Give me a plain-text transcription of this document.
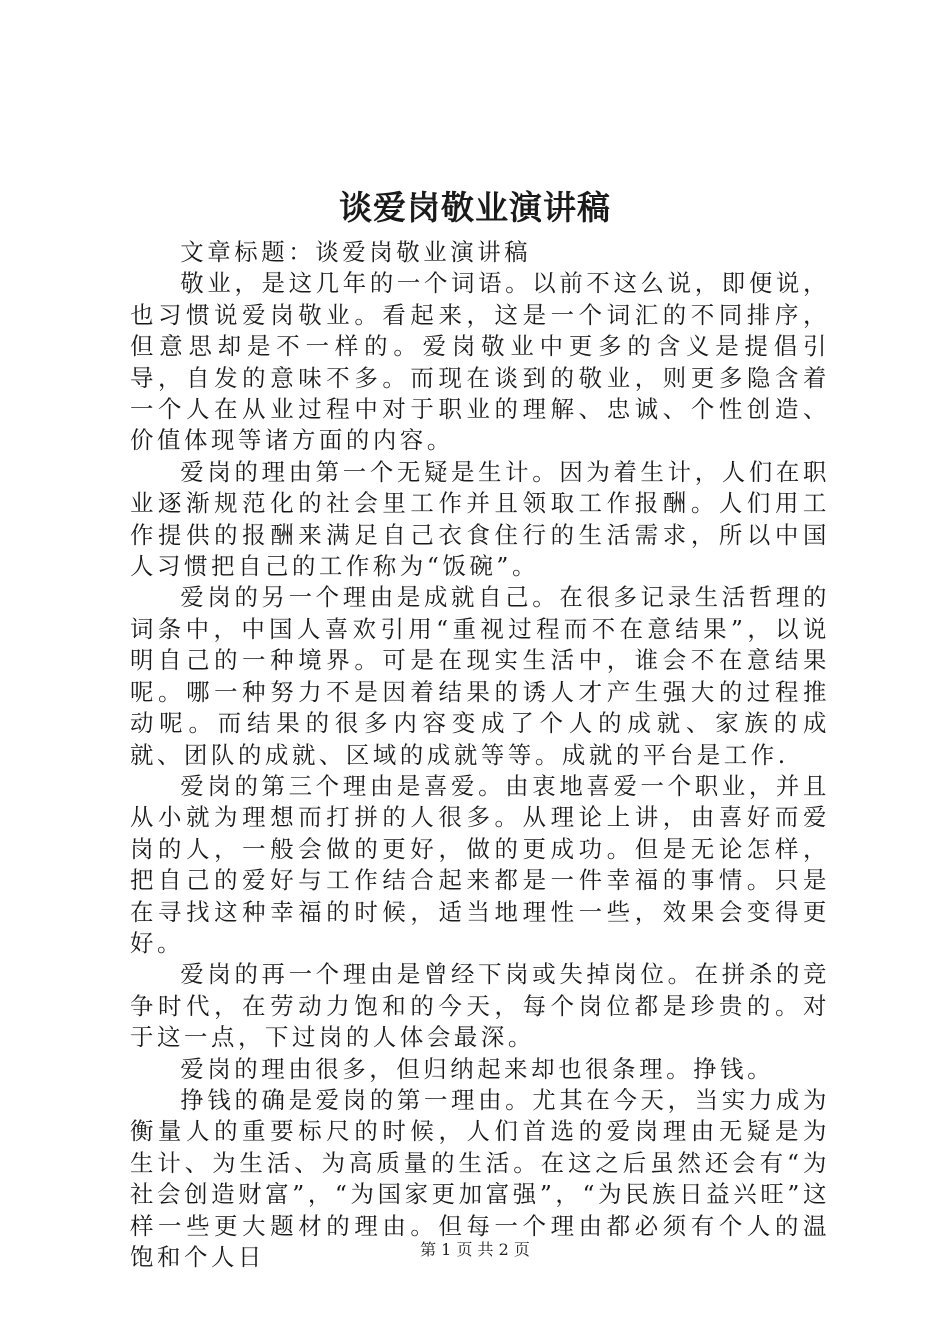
谈爱岗敬业演讲稿

文章标题：谈爱岗敬业演讲稿

敬业，是这几年的一个词语。以前不这么说，即便说，也习惯说爱岗敬业。看起来，这是一个词汇的不同排序，但意思却是不一样的。爱岗敬业中更多的含义是提倡引导，自发的意味不多。而现在谈到的敬业，则更多隐含着一个人在从业过程中对于职业的理解、忠诚、个性创造、价值体现等诸方面的内容。

爱岗的理由第一个无疑是生计。因为着生计，人们在职业逐渐规范化的社会里工作并且领取工作报酬。人们用工作提供的报酬来满足自己衣食住行的生活需求，所以中国人习惯把自己的工作称为“饭碗”。

爱岗的另一个理由是成就自己。在很多记录生活哲理的词条中，中国人喜欢引用“重视过程而不在意结果”，以说明自己的一种境界。可是在现实生活中，谁会不在意结果呢。哪一种努力不是因着结果的诱人才产生强大的过程推动呢。而结果的很多内容变成了个人的成就、家族的成就、团队的成就、区域的成就等等。成就的平台是工作.

爱岗的第三个理由是喜爱。由衷地喜爱一个职业，并且从小就为理想而打拼的人很多。从理论上讲，由喜好而爱岗的人，一般会做的更好，做的更成功。但是无论怎样，把自己的爱好与工作结合起来都是一件幸福的事情。只是在寻找这种幸福的时候，适当地理性一些，效果会变得更好。

爱岗的再一个理由是曾经下岗或失掉岗位。在拼杀的竞争时代，在劳动力饱和的今天，每个岗位都是珍贵的。对于这一点，下过岗的人体会最深。

爱岗的理由很多，但归纳起来却也很条理。挣钱。

挣钱的确是爱岗的第一理由。尤其在今天，当实力成为衡量人的重要标尺的时候，人们首选的爱岗理由无疑是为生计、为生活、为高质量的生活。在这之后虽然还会有“为社会创造财富”，“为国家更加富强”，“为民族日益兴旺”这样一些更大题材的理由。但每一个理由都必须有个人的温饱和个人日	第 1 页 共 2 页
